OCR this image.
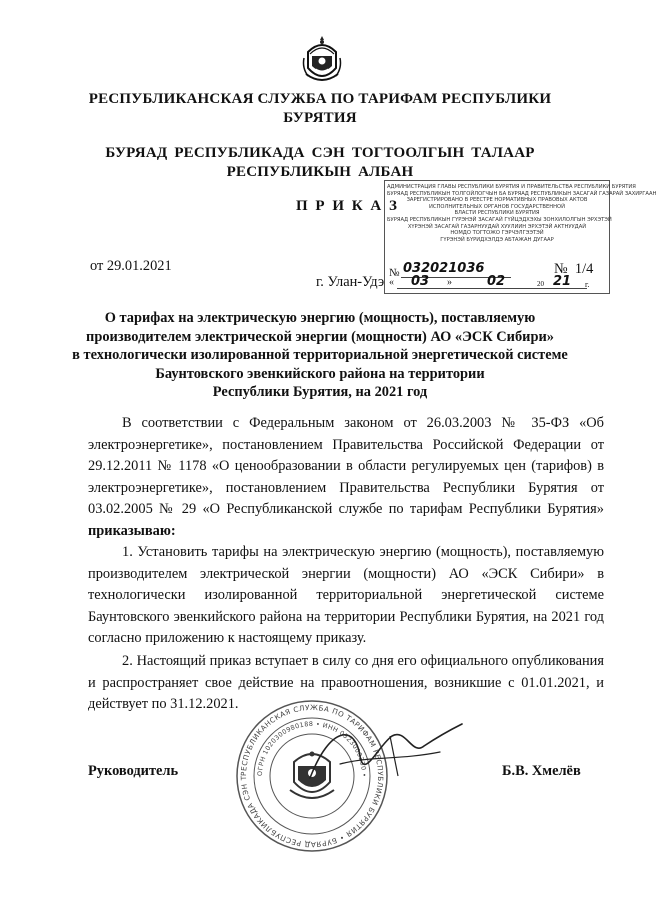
РЕСПУБЛИКАНСКАЯ СЛУЖБА ПО ТАРИФАМ РЕСПУБЛИКИ
БУРЯТИЯ
БУРЯАД РЕСПУБЛИКАДА СЭН ТОГТООЛГЫН ТАЛААР
РЕСПУБЛИКЫН АЛБАН
П Р И К А З
АДМИНИСТРАЦИЯ ГЛАВЫ РЕСПУБЛИКИ БУРЯТИЯ И ПРАВИТЕЛЬСТВА РЕСПУБЛИКИ БУРЯТИЯ
БУРЯАД РЕСПУБЛИКЫН ТОЛГОЙЛОГЧЫН БА БУРЯАД РЕСПУБЛИКЫН ЗАСАГАЙ ГАЗАРАЙ ЗАХИРГААН
ЗАРЕГИСТРИРОВАНО В РЕЕСТРЕ НОРМАТИВНЫХ ПРАВОВЫХ АКТОВ
ИСПОЛНИТЕЛЬНЫХ ОРГАНОВ ГОСУДАРСТВЕННОЙ
ВЛАСТИ РЕСПУБЛИКИ БУРЯТИЯ
БУРЯАД РЕСПУБЛИКЫН ГҮРЭНЭЙ ЗАСАГАЙ ГҮЙЦЭДХЭХЫ ЗОНХИЛОЛГЫН ЭРХЭТЭЙ
ХҮРЭНЭЙ ЗАСАГАЙ ГАЗАРНУУДАЙ ХУУЛИИН ЭРХЭТЭЙ АКТНУУДАЙ
НОМДО ТОГТОЖО ГЭРЧЭЛГЭЭТЭЙ
ГҮРЭНЭЙ БҮРИДХЭЛДЭ АБТАЖАН ДУГААР
№ 032021036
« 03 »	02	20 21 г.
от 29.01.2021
г. Улан-Удэ
№  1/4
О тарифах на электрическую энергию (мощность), поставляемую
производителем электрической энергии (мощности) АО «ЭСК Сибири»
в технологически изолированной территориальной энергетической системе
Баунтовского эвенкийского района на территории
Республики Бурятия, на 2021 год
В соответствии с Федеральным законом от 26.03.2003 № 35-ФЗ «Об электроэнергетике», постановлением Правительства Российской Федерации от 29.12.2011 № 1178 «О ценообразовании в области регулируемых цен (тарифов) в электроэнергетике», постановлением Правительства Республики Бурятия от 03.02.2005 № 29 «О Республиканской службе по тарифам Республики Бурятия» приказываю:
1. Установить тарифы на электрическую энергию (мощность), поставляемую производителем электрической энергии (мощности) АО «ЭСК Сибири» в технологически изолированной территориальной энергетической системе Баунтовского эвенкийского района на территории Республики Бурятия, на 2021 год согласно приложению к настоящему приказу.
2. Настоящий приказ вступает в силу со дня его официального опубликования и распространяет свое действие на правоотношения, возникшие с 01.01.2021, и действует по 31.12.2021.
РЕСПУБЛИКАНСКАЯ СЛУЖБА ПО ТАРИФАМ РЕСПУБЛИКИ БУРЯТИЯ • БУРЯАД РЕСПУБЛИКАДА СЭН Т
ОГРН 1020300980188 • ИНН 0323000330 •
Руководитель	Б.В. Хмелёв
